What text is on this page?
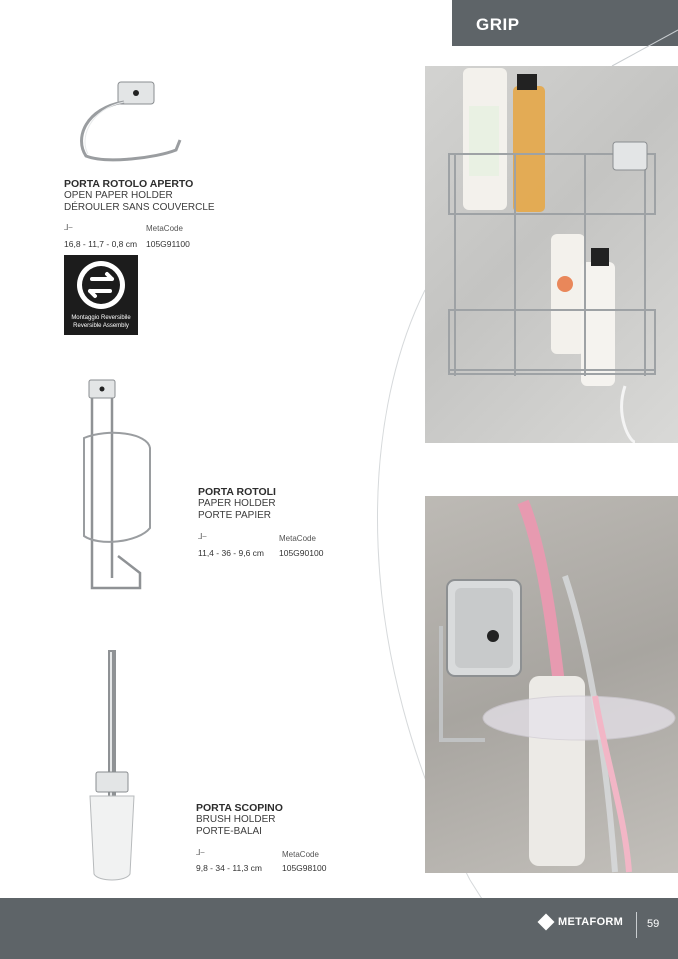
GRIP

PORTA ROTOLO APERTO

OPEN PAPER HOLDER

DÉROULER SANS COUVERCLE

⅃⎯	MetaCode
16,8 - 11,7 - 0,8 cm 105G91100
Montaggio Reversibile
Reversible Assembly

PORTA ROTOLI

PAPER HOLDER

PORTE PAPIER

⅃⎯	MetaCode
11,4 - 36 - 9,6 cm 105G90100

PORTA SCOPINO

BRUSH HOLDER

PORTE-BALAI

⅃⎯	MetaCode
9,8 - 34 - 11,3 cm 105G98100
METAFORM 59
